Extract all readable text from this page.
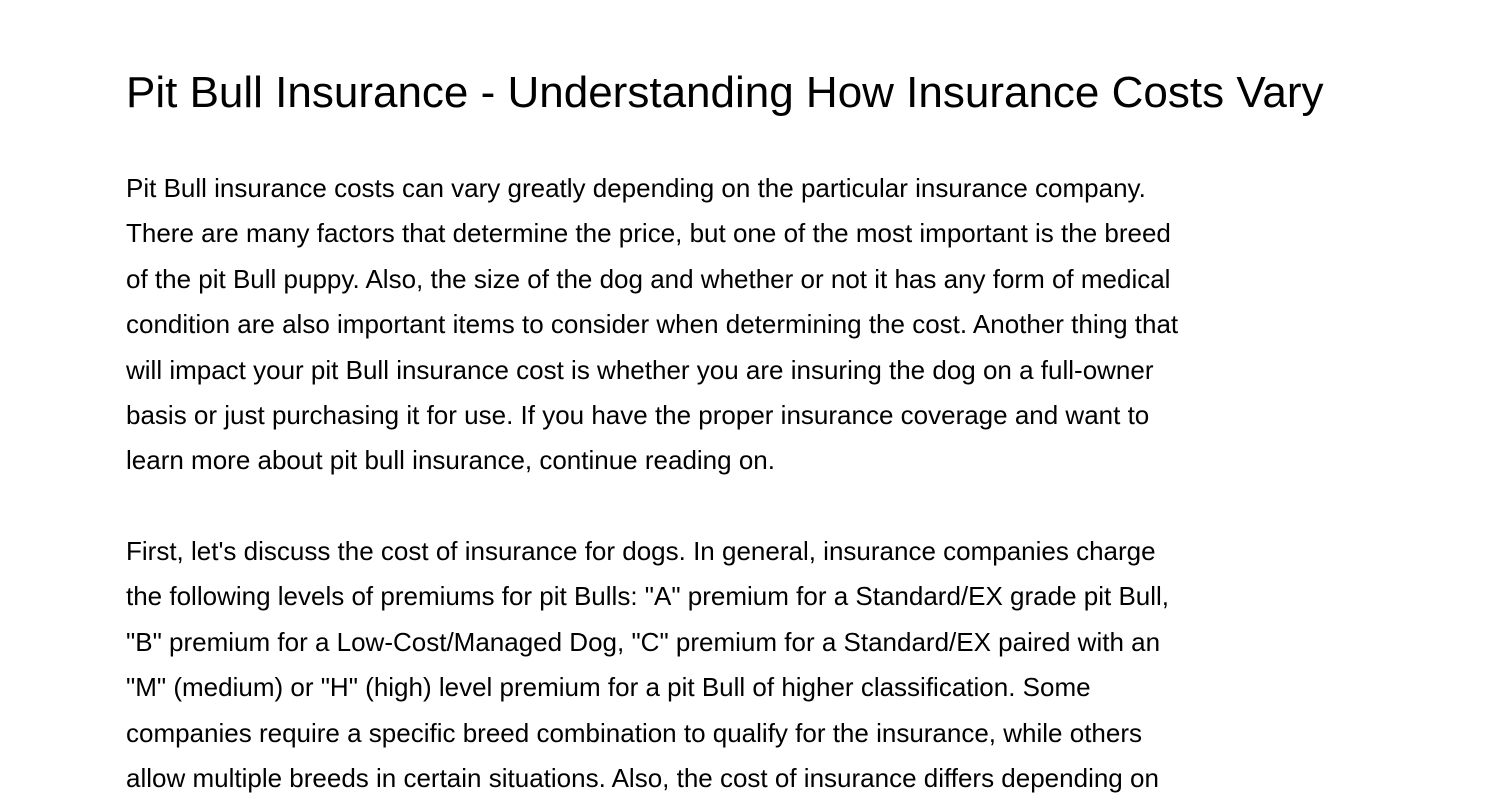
Pit Bull Insurance - Understanding How Insurance Costs Vary

Pit Bull insurance costs can vary greatly depending on the particular insurance company.
There are many factors that determine the price, but one of the most important is the breed
of the pit Bull puppy. Also, the size of the dog and whether or not it has any form of medical
condition are also important items to consider when determining the cost. Another thing that
will impact your pit Bull insurance cost is whether you are insuring the dog on a full-owner
basis or just purchasing it for use. If you have the proper insurance coverage and want to
learn more about pit bull insurance, continue reading on.

First, let's discuss the cost of insurance for dogs. In general, insurance companies charge
the following levels of premiums for pit Bulls: "A" premium for a Standard/EX grade pit Bull,
"B" premium for a Low-Cost/Managed Dog, "C" premium for a Standard/EX paired with an
"M" (medium) or "H" (high) level premium for a pit Bull of higher classification. Some
companies require a specific breed combination to qualify for the insurance, while others
allow multiple breeds in certain situations. Also, the cost of insurance differs depending on
